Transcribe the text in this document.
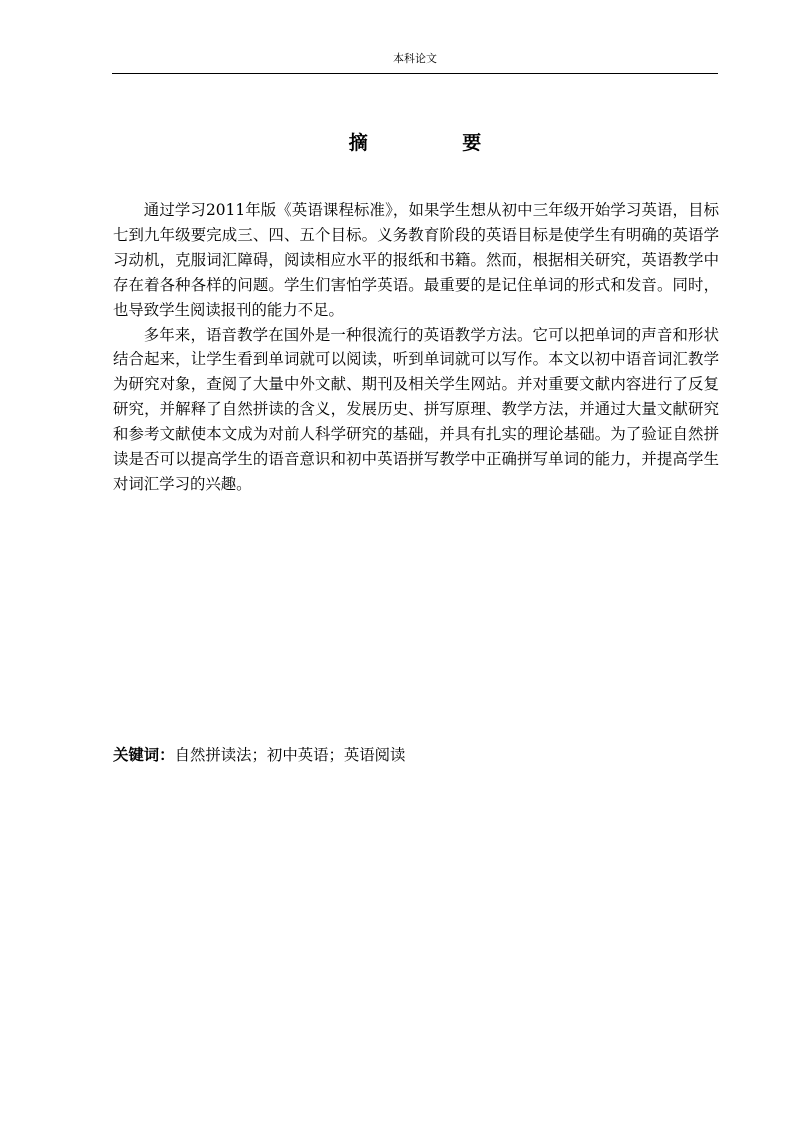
本科论文
摘 要

通过学习2011年版《英语课程标准》，如果学生想从初中三年级开始学习英语，目标七到九年级要完成三、四、五个目标。义务教育阶段的英语目标是使学生有明确的英语学习动机，克服词汇障碍，阅读相应水平的报纸和书籍。然而，根据相关研究，英语教学中存在着各种各样的问题。学生们害怕学英语。最重要的是记住单词的形式和发音。同时，也导致学生阅读报刊的能力不足。

多年来，语音教学在国外是一种很流行的英语教学方法。它可以把单词的声音和形状结合起来，让学生看到单词就可以阅读，听到单词就可以写作。本文以初中语音词汇教学为研究对象，查阅了大量中外文献、期刊及相关学生网站。并对重要文献内容进行了反复研究，并解释了自然拼读的含义，发展历史、拼写原理、教学方法，并通过大量文献研究和参考文献使本文成为对前人科学研究的基础，并具有扎实的理论基础。为了验证自然拼读是否可以提高学生的语音意识和初中英语拼写教学中正确拼写单词的能力，并提高学生对词汇学习的兴趣。

关键词：自然拼读法；初中英语；英语阅读
